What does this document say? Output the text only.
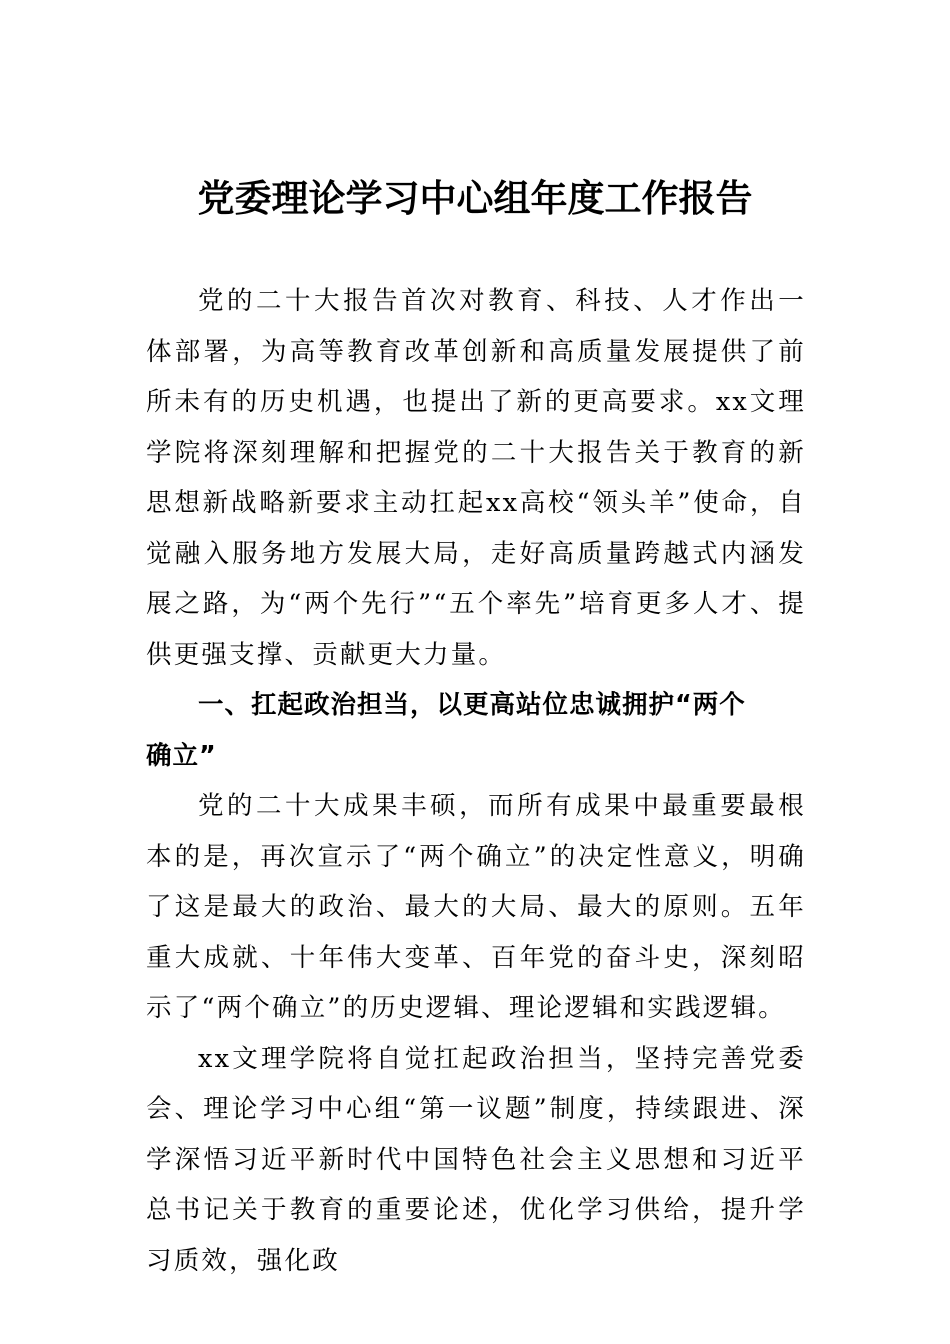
党委理论学习中心组年度工作报告

党的二十大报告首次对教育、科技、人才作出一体部署，为高等教育改革创新和高质量发展提供了前所未有的历史机遇，也提出了新的更高要求。xx文理学院将深刻理解和把握党的二十大报告关于教育的新思想新战略新要求主动扛起xx高校“领头羊”使命，自觉融入服务地方发展大局，走好高质量跨越式内涵发展之路，为“两个先行”“五个率先”培育更多人才、提供更强支撑、贡献更大力量。

一、扛起政治担当，以更高站位忠诚拥护“两个确立”

党的二十大成果丰硕，而所有成果中最重要最根本的是，再次宣示了“两个确立”的决定性意义，明确了这是最大的政治、最大的大局、最大的原则。五年重大成就、十年伟大变革、百年党的奋斗史，深刻昭示了“两个确立”的历史逻辑、理论逻辑和实践逻辑。

xx文理学院将自觉扛起政治担当，坚持完善党委会、理论学习中心组“第一议题”制度，持续跟进、深学深悟习近平新时代中国特色社会主义思想和习近平总书记关于教育的重要论述，优化学习供给，提升学习质效，强化政
